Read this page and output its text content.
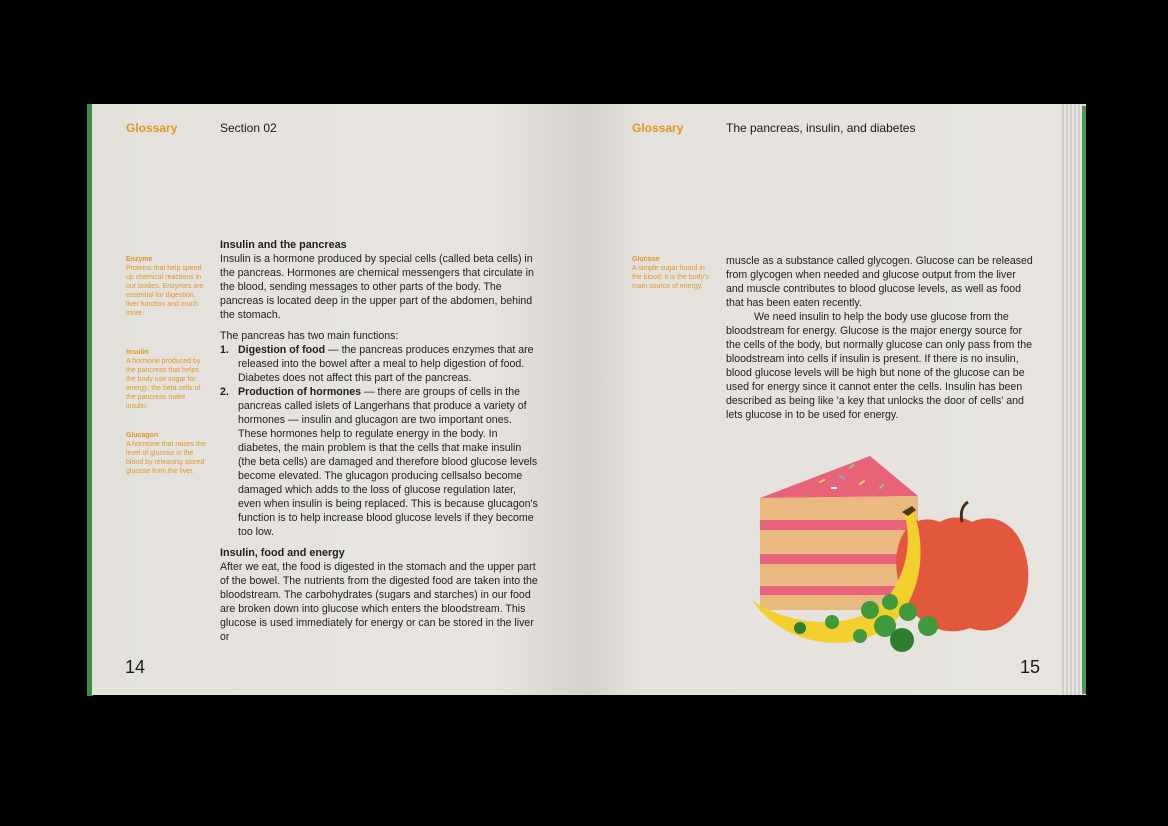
Glossary	Section 02
Enzyme
Proteins that help speed up chemical reactions in our bodies. Enzymes are essential for digestion, liver function and much more.
Insulin
A hormone produced by the pancreas that helps the body use sugar for energy; the beta cells of the pancreas make insulin.
Glucagon
A hormone that raises the level of glucose in the blood by releasing stored glucose from the liver.
Insulin and the pancreas

Insulin is a hormone produced by special cells (called beta cells) in the pancreas. Hormones are chemical messengers that circulate in the blood, sending messages to other parts of the body. The pancreas is located deep in the upper part of the abdomen, behind the stomach.

The pancreas has two main functions:

1. Digestion of food — the pancreas produces enzymes that are released into the bowel after a meal to help digestion of food. Diabetes does not affect this part of the pancreas.
2. Production of hormones — there are groups of cells in the pancreas called islets of Langerhans that produce a variety of hormones — insulin and glucagon are two important ones. These hormones help to regulate energy in the body. In diabetes, the main problem is that the cells that make insulin (the beta cells) are damaged and therefore blood glucose levels become elevated. The glucagon producing cellsalso become damaged which adds to the loss of glucose regulation later, even when insulin is being replaced. This is because glucagon's function is to help increase blood glucose levels if they become too low.
Insulin, food and energy

After we eat, the food is digested in the stomach and the upper part of the bowel. The nutrients from the digested food are taken into the bloodstream. The carbohydrates (sugars and starches) in our food are broken down into glucose which enters the bloodstream. This glucose is used immediately for energy or can be stored in the liver or

14
Glossary	The pancreas, insulin, and diabetes
Glucose
A simple sugar found in the blood; it is the body's main source of energy.

muscle as a substance called glycogen. Glucose can be released from glycogen when needed and glucose output from the liver and muscle contributes to blood glucose levels, as well as food that has been eaten recently.

We need insulin to help the body use glucose from the bloodstream for energy. Glucose is the major energy source for the cells of the body, but normally glucose can only pass from the bloodstream into cells if insulin is present. If there is no insulin, blood glucose levels will be high but none of the glucose can be used for energy since it cannot enter the cells. Insulin has been described as being like 'a key that unlocks the door of cells' and lets glucose in to be used for energy.

15
